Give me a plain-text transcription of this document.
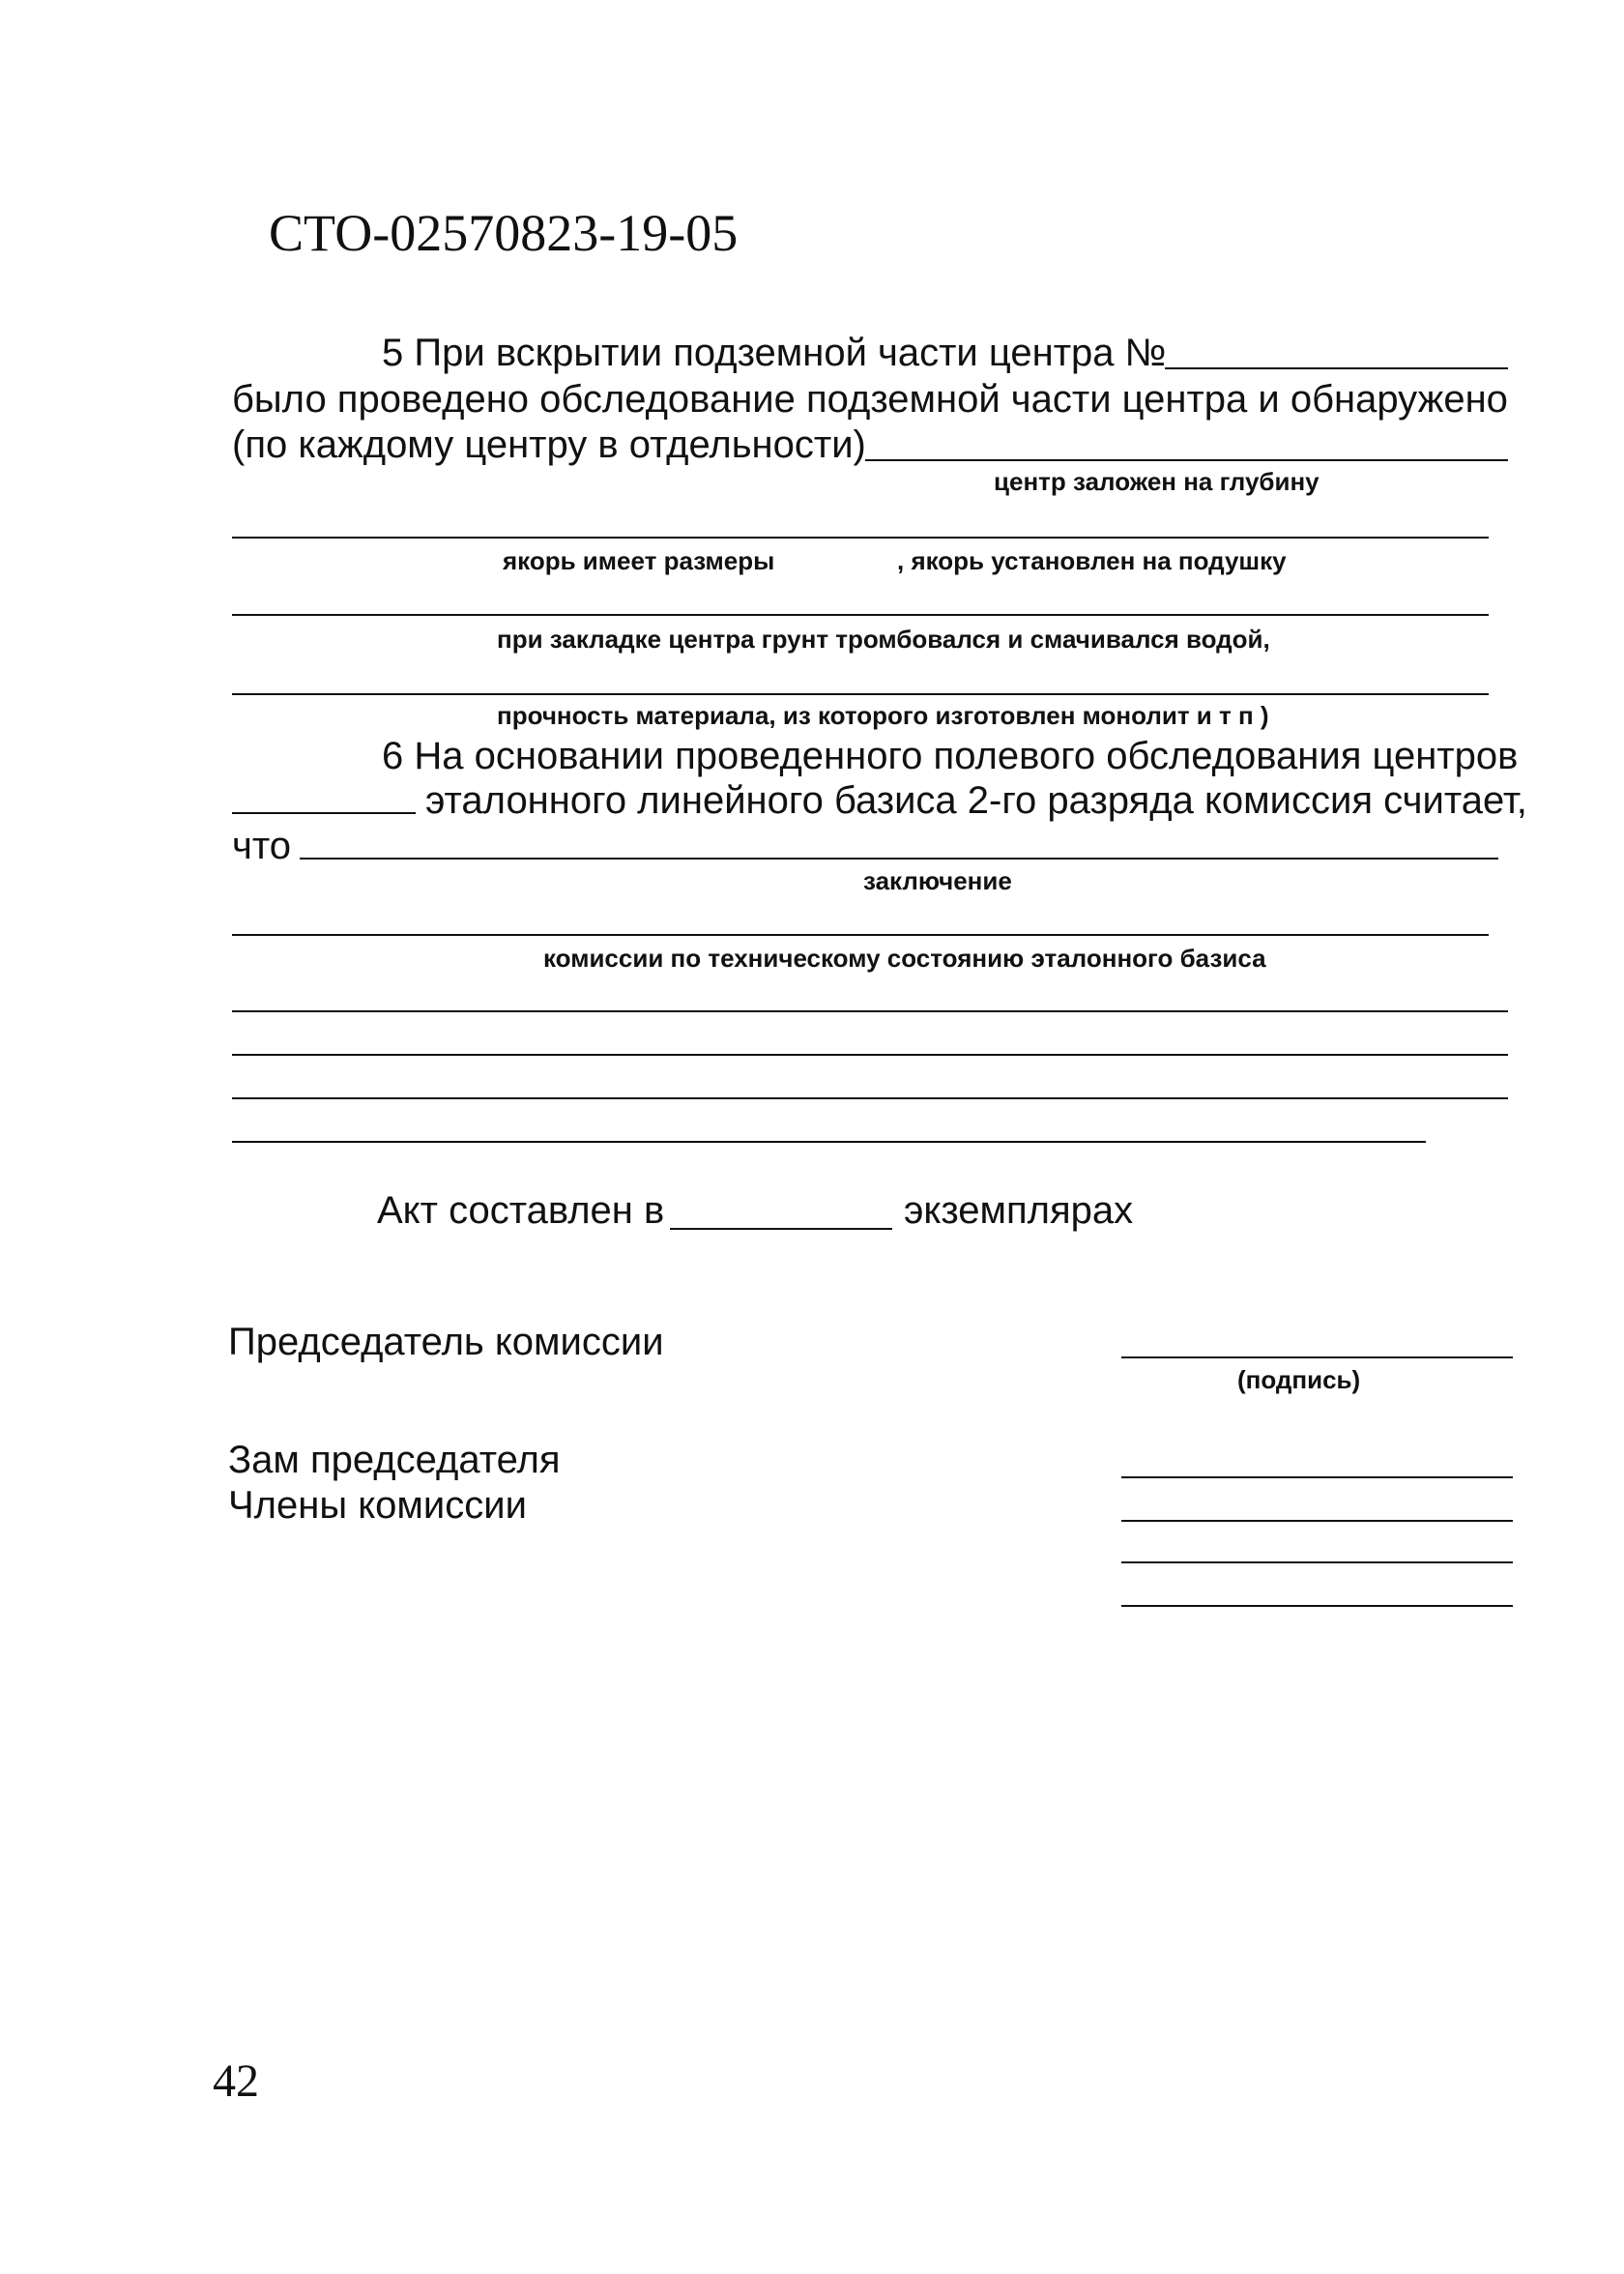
СТО-02570823-19-05
5 При вскрытии подземной части центра №
было проведено обследование подземной части центра и обнаружено
(по каждому центру в отдельности)
центр заложен на глубину
якорь имеет размеры	, якорь установлен на подушку
при закладке центра грунт тромбовался и смачивался водой,
прочность материала, из которого изготовлен монолит и т п )
6 На основании проведенного полевого обследования центров
эталонного линейного базиса 2-го разряда комиссия считает,
что
заключение
комиссии по техническому состоянию эталонного базиса
Акт составлен в	экземплярах
Председатель комиссии
(подпись)
Зам председателя
Члены комиссии
42
